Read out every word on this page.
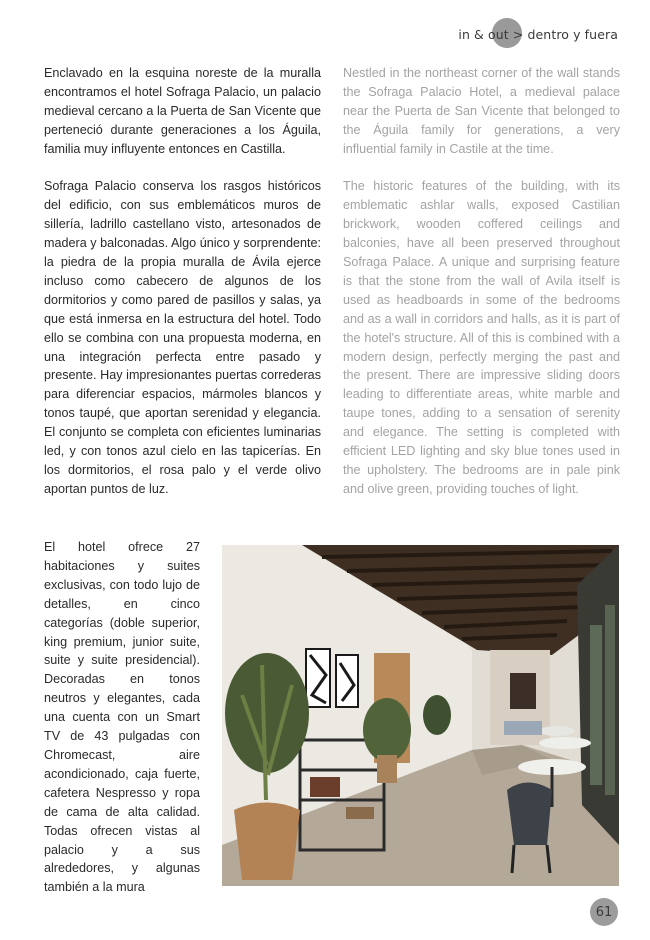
in & out > dentro y fuera

Enclavado en la esquina noreste de la muralla encontramos el hotel Sofraga Palacio, un palacio medieval cercano a la Puerta de San Vicente que perteneció durante generaciones a los Águila, familia muy influyente entonces en Castilla.

Sofraga Palacio conserva los rasgos históricos del edificio, con sus emblemáticos muros de sillería, ladrillo castellano visto, artesonados de madera y balconadas. Algo único y sorprendente: la piedra de la propia muralla de Ávila ejerce incluso como cabecero de algunos de los dormitorios y como pared de pasillos y salas, ya que está inmersa en la estructura del hotel. Todo ello se combina con una propuesta moderna, en una integración perfecta entre pasado y presente. Hay impresionantes puertas correderas para diferenciar espacios, mármoles blancos y tonos taupé, que aportan serenidad y elegancia. El conjunto se completa con eficientes luminarias led, y con tonos azul cielo en las tapicerías. En los dormitorios, el rosa palo y el verde olivo aportan puntos de luz.

Nestled in the northeast corner of the wall stands the Sofraga Palacio Hotel, a medieval palace near the Puerta de San Vicente that belonged to the Águila family for generations, a very influential family in Castile at the time.

The historic features of the building, with its emblematic ashlar walls, exposed Castilian brickwork, wooden coffered ceilings and balconies, have all been preserved throughout Sofraga Palace. A unique and surprising feature is that the stone from the wall of Avila itself is used as headboards in some of the bedrooms and as a wall in corridors and halls, as it is part of the hotel's structure. All of this is combined with a modern design, perfectly merging the past and the present. There are impressive sliding doors leading to differentiate areas, white marble and taupe tones, adding to a sensation of serenity and elegance. The setting is completed with efficient LED lighting and sky blue tones used in the upholstery. The bedrooms are in pale pink and olive green, providing touches of light.

El hotel ofrece 27 habitaciones y suites exclusivas, con todo lujo de detalles, en cinco categorías (doble superior, king premium, junior suite, suite y suite presidencial). Decoradas en tonos neutros y elegantes, cada una cuenta con un Smart TV de 43 pulgadas con Chromecast, aire acondicionado, caja fuerte, cafetera Nespresso y ropa de cama de alta calidad. Todas ofrecen vistas al palacio y a sus alrededores, y algunas también a la mura

61
